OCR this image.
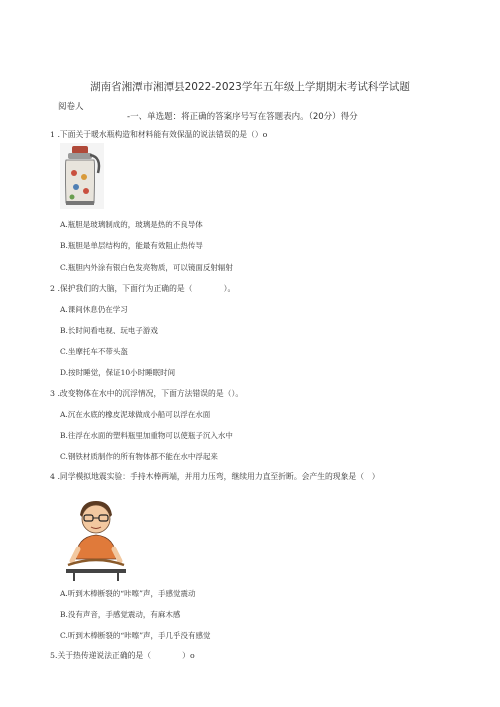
湖南省湘潭市湘潭县2022-2023学年五年级上学期期末考试科学试题
阅卷人
-一、单选题：将正确的答案序号写在答题表内。（20分）得分
1 .下面关于暖水瓶构造和材料能有效保温的说法错误的是（）o
A.瓶胆是玻璃制成的，玻璃是热的不良导体
B.瓶胆是单层结构的，能最有效阻止热传导
C.瓶胆内外涂有银白色发亮物质，可以镜面反射辐射
2 .保护我们的大脑，下面行为正确的是（　　　　）。
A.课间休息仍在学习
B.长时间看电视、玩电子游戏
C.坐摩托车不带头盔
D.按时睡觉，保证10小时睡眠时间
3 .改变物体在水中的沉浮情况，下面方法错误的是（）。
A.沉在水底的橡皮泥球做成小船可以浮在水面
B.往浮在水面的塑料瓶里加重物可以使瓶子沉入水中
C.钢铁材质制作的所有物体都不能在水中浮起来
4 .同学模拟地震实验：手持木棒两端，并用力压弯，继续用力直至折断。会产生的现象是（　）
A.听到木棒断裂的“咔嚓”声，手感觉震动
B.没有声音，手感觉震动，有麻木感
C.听到木棒断裂的“咔嚓”声，手几乎没有感觉
5.关于热传递说法正确的是（　　　　）o
